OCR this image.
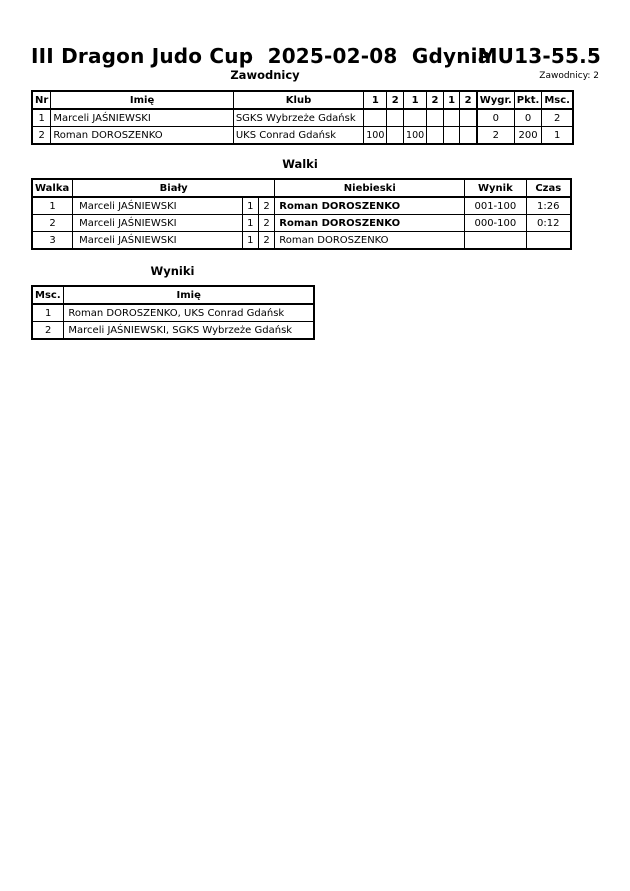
III Dragon Judo Cup 2025-02-08 Gdynia
MU13-55.5
Zawodnicy	Zawodnicy: 2
Nr	Imię	Klub	1	2	1	2	1	2	Wygr.	Pkt.	Msc.
1	Marceli JAŚNIEWSKI	SGKS Wybrzeże Gdańsk							0	0	2
2	Roman DOROSZENKO	UKS Conrad Gdańsk	100		100				2	200	1
Walki
Walka	Biały			Niebieski	Wynik	Czas
1	Marceli JAŚNIEWSKI	1	2	Roman DOROSZENKO	001-100	1:26
2	Marceli JAŚNIEWSKI	1	2	Roman DOROSZENKO	000-100	0:12
3	Marceli JAŚNIEWSKI	1	2	Roman DOROSZENKO		
Wyniki
Msc.	Imię
1	Roman DOROSZENKO, UKS Conrad Gdańsk
2	Marceli JAŚNIEWSKI, SGKS Wybrzeże Gdańsk
